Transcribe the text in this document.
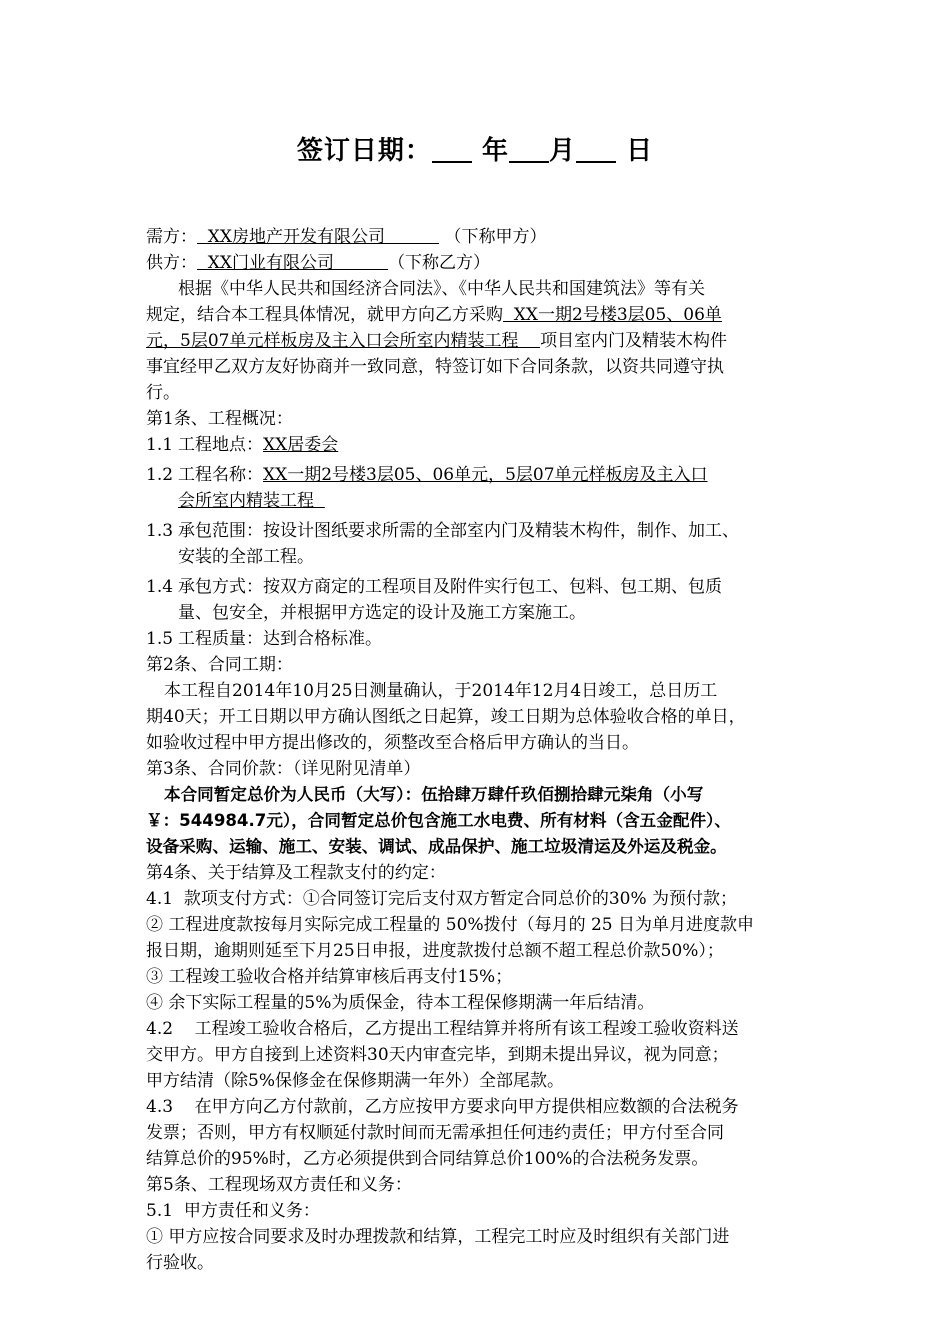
签订日期： 年 月 日
需方：  XX房地产开发有限公司           （下称甲方）
供方：  XX门业有限公司          （下称乙方）
根据《中华人民共和国经济合同法》、《中华人民共和国建筑法》等有关
规定，结合本工程具体情况，就甲方向乙方采购  XX一期2号楼3层05、06单
元，5层07单元样板房及主入口会所室内精装工程    项目室内门及精装木构件
事宜经甲乙双方友好协商并一致同意，特签订如下合同条款，以资共同遵守执
行。
第1条、工程概况：
1.1 工程地点： XX居委会
1.2 工程名称： XX一期2号楼3层05、06单元，5层07单元样板房及主入口
会所室内精装工程
1.3 承包范围：按设计图纸要求所需的全部室内门及精装木构件，制作、加工、
安装的全部工程。
1.4 承包方式：按双方商定的工程项目及附件实行包工、包料、包工期、包质
量、包安全，并根据甲方选定的设计及施工方案施工。
1.5 工程质量：达到合格标准。
第2条、合同工期：
本工程自2014年10月25日测量确认，于2014年12月4日竣工，总日历工
期40天；开工日期以甲方确认图纸之日起算，竣工日期为总体验收合格的单日，
如验收过程中甲方提出修改的，须整改至合格后甲方确认的当日。
第3条、合同价款：（详见附见清单）
本合同暂定总价为人民币（大写）：伍拾肆万肆仟玖佰捌拾肆元柒角（小写
￥：544984.7元），合同暂定总价包含施工水电费、所有材料（含五金配件）、
设备采购、运输、施工、安装、调试、成品保护、施工垃圾清运及外运及税金。
第4条、关于结算及工程款支付的约定：
4.1  款项支付方式：①合同签订完后支付双方暂定合同总价的30% 为预付款；
② 工程进度款按每月实际完成工程量的 50%拨付（每月的 25 日为单月进度款申
报日期，逾期则延至下月25日申报，进度款拨付总额不超工程总价款50%）；
③ 工程竣工验收合格并结算审核后再支付15%；
④ 余下实际工程量的5%为质保金，待本工程保修期满一年后结清。
4.2    工程竣工验收合格后，乙方提出工程结算并将所有该工程竣工验收资料送
交甲方。甲方自接到上述资料30天内审查完毕，到期未提出异议，视为同意；
甲方结清（除5%保修金在保修期满一年外）全部尾款。
4.3    在甲方向乙方付款前，乙方应按甲方要求向甲方提供相应数额的合法税务
发票；否则，甲方有权顺延付款时间而无需承担任何违约责任；甲方付至合同
结算总价的95%时，乙方必须提供到合同结算总价100%的合法税务发票。
第5条、工程现场双方责任和义务：
5.1  甲方责任和义务：
① 甲方应按合同要求及时办理拨款和结算，工程完工时应及时组织有关部门进
行验收。
